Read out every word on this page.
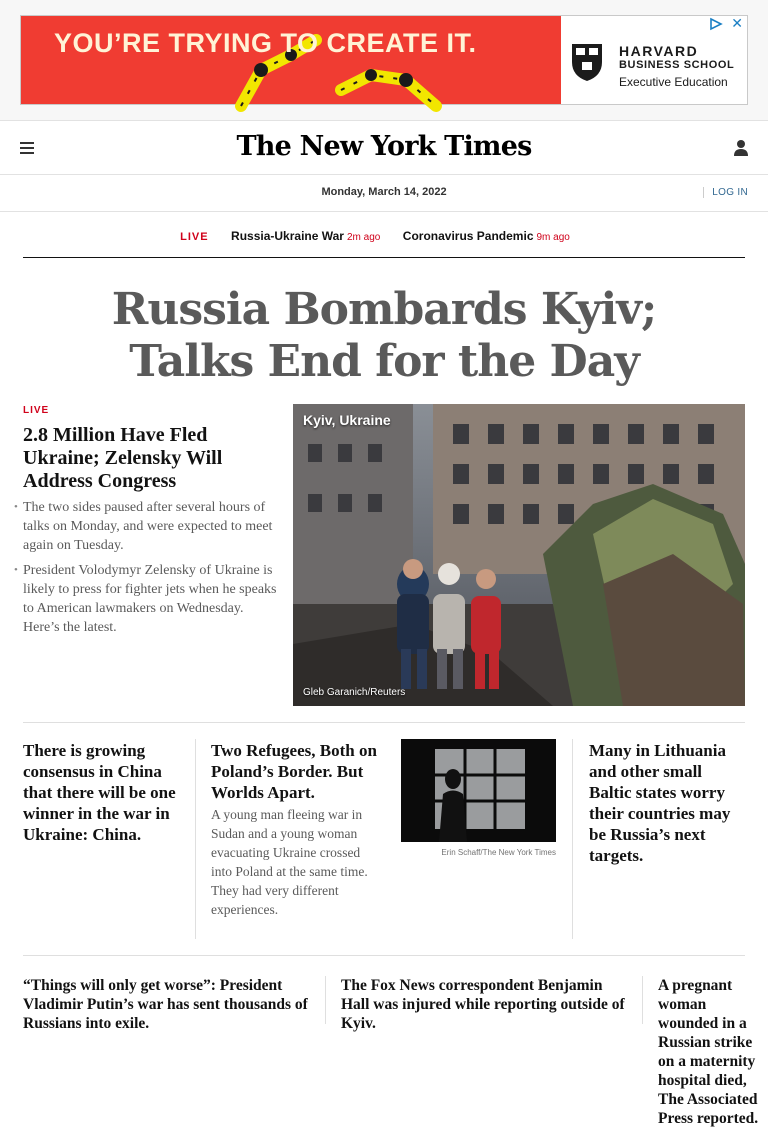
YOU’RE TRYING TO CREATE IT.	HARVARD
BUSINESS SCHOOL
Executive Education
✕
The New York Times
Monday, March 14, 2022	LOG IN
LIVE Russia-Ukraine War 2m ago Coronavirus Pandemic 9m ago
Russia Bombards Kyiv;
Talks End for the Day
LIVE
2.8 Million Have Fled Ukraine; Zelensky Will Address Congress
• The two sides paused after several hours of talks on Monday, and were expected to meet again on Tuesday.
• President Volodymyr Zelensky of Ukraine is likely to press for fighter jets when he speaks to American lawmakers on Wednesday. Here’s the latest.
Kyiv, Ukraine
Gleb Garanich/Reuters
There is growing consensus in China that there will be one winner in the war in Ukraine: China.
Two Refugees, Both on Poland’s Border. But Worlds Apart.
A young man fleeing war in Sudan and a young woman evacuating Ukraine crossed into Poland at the same time. They had very different experiences.
Erin Schaff/The New York Times
Many in Lithuania and other small Baltic states worry their countries may be Russia’s next targets.
“Things will only get worse”: President Vladimir Putin’s war has sent thousands of Russians into exile.
The Fox News correspondent Benjamin Hall was injured while reporting outside of Kyiv.
A pregnant woman wounded in a Russian strike on a maternity hospital died, The Associated Press reported.
